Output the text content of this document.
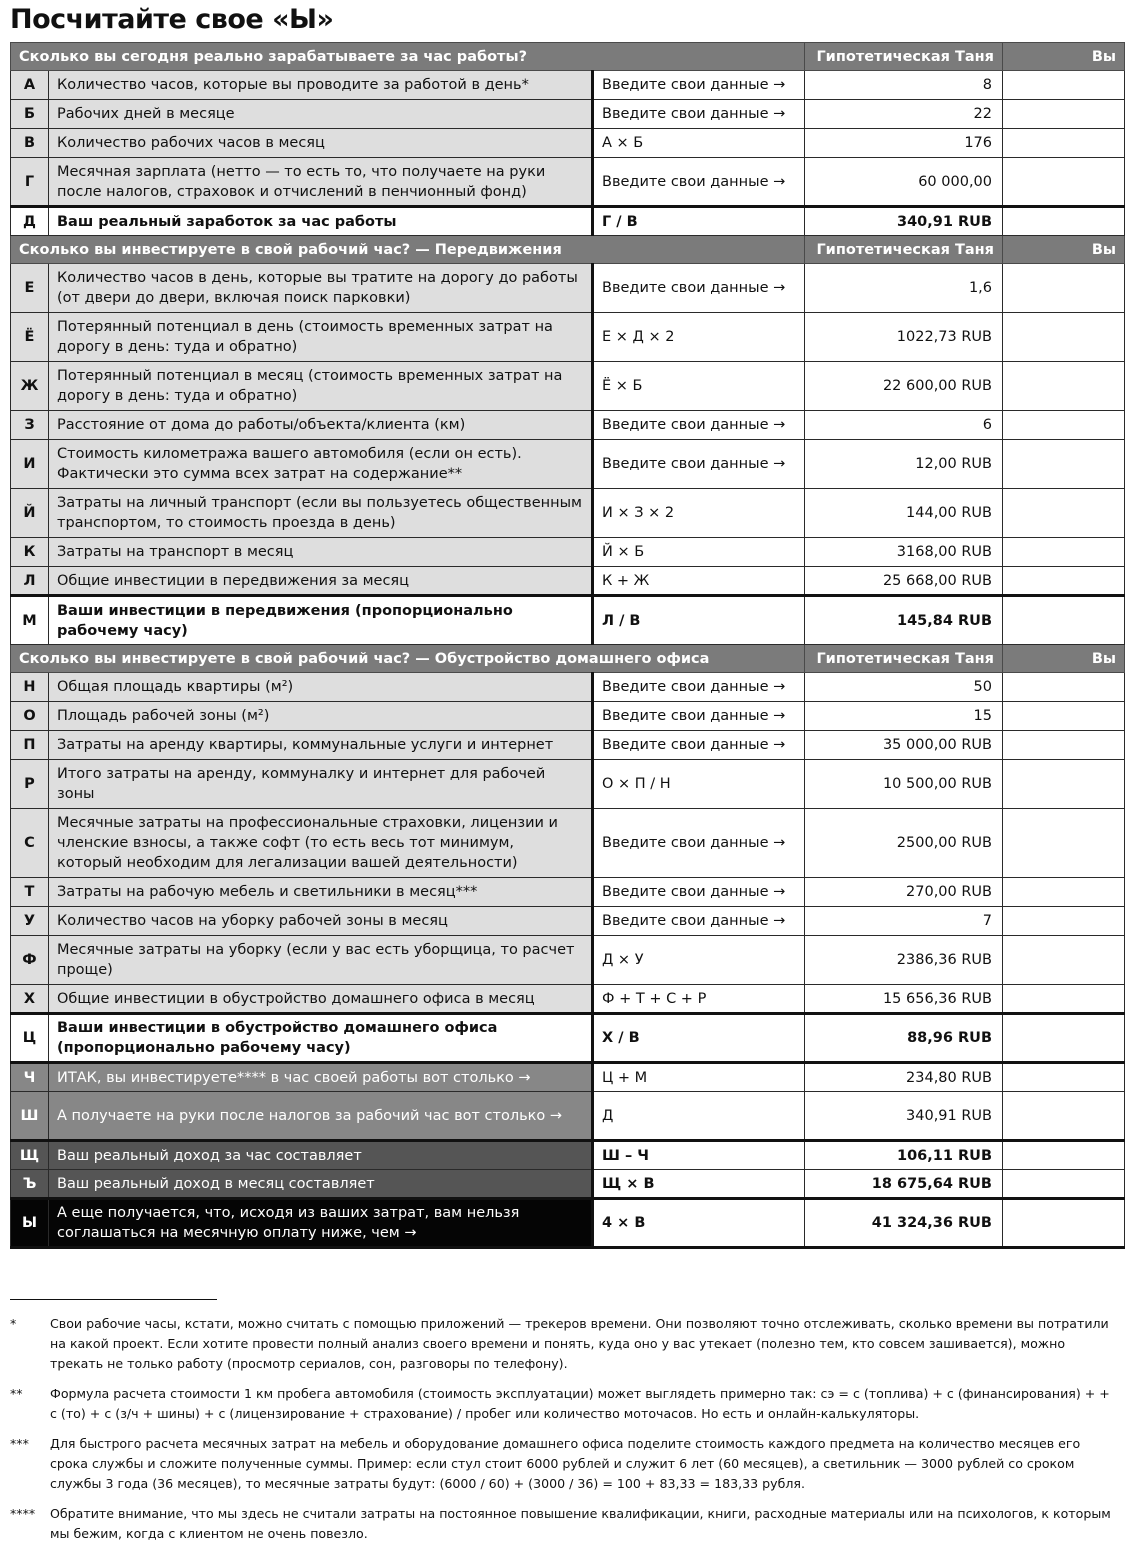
Посчитайте свое «Ы»
Сколько вы сегодня реально зарабатываете за час работы?			Гипотетическая Таня	Вы
А	Количество часов, которые вы проводите за работой в день*	Введите свои данные →	8	
Б	Рабочих дней в месяце	Введите свои данные →	22	
В	Количество рабочих часов в месяц	А × Б	176	
Г	Месячная зарплата (нетто — то есть то, что получаете на руки после налогов, страховок и отчислений в пенчионный фонд)	Введите свои данные →	60 000,00	
Д	Ваш реальный заработок за час работы	Г / В	340,91 RUB	
Сколько вы инвестируете в свой рабочий час? — Передвижения			Гипотетическая Таня	Вы
Е	Количество часов в день, которые вы тратите на дорогу до работы (от двери до двери, включая поиск парковки)	Введите свои данные →	1,6	
Ё	Потерянный потенциал в день (стоимость временных затрат на дорогу в день: туда и обратно)	Е × Д × 2	1022,73 RUB	
Ж	Потерянный потенциал в месяц (стоимость временных затрат на дорогу в день: туда и обратно)	Ё × Б	22 600,00 RUB	
З	Расстояние от дома до работы/объекта/клиента (км)	Введите свои данные →	6	
И	Стоимость километража вашего автомобиля (если он есть). Фактически это сумма всех затрат на содержание**	Введите свои данные →	12,00 RUB	
Й	Затраты на личный транспорт (если вы пользуетесь общественным транспортом, то стоимость проезда в день)	И × З × 2	144,00 RUB	
К	Затраты на транспорт в месяц	Й × Б	3168,00 RUB	
Л	Общие инвестиции в передвижения за месяц	К + Ж	25 668,00 RUB	
М	Ваши инвестиции в передвижения (пропорционально рабочему часу)	Л / В	145,84 RUB	
Сколько вы инвестируете в свой рабочий час? — Обустройство домашнего офиса			Гипотетическая Таня	Вы
Н	Общая площадь квартиры (м²)	Введите свои данные →	50	
О	Площадь рабочей зоны (м²)	Введите свои данные →	15	
П	Затраты на аренду квартиры, коммунальные услуги и интернет	Введите свои данные →	35 000,00 RUB	
Р	Итого затраты на аренду, коммуналку и интернет для рабочей зоны	О × П / Н	10 500,00 RUB	
С	Месячные затраты на профессиональные страховки, лицензии и членские взносы, а также софт (то есть весь тот минимум, который необходим для легализации вашей деятельности)	Введите свои данные →	2500,00 RUB	
Т	Затраты на рабочую мебель и светильники в месяц***	Введите свои данные →	270,00 RUB	
У	Количество часов на уборку рабочей зоны в месяц	Введите свои данные →	7	
Ф	Месячные затраты на уборку (если у вас есть уборщица, то расчет проще)	Д × У	2386,36 RUB	
Х	Общие инвестиции в обустройство домашнего офиса в месяц	Ф + Т + С + Р	15 656,36 RUB	
Ц	Ваши инвестиции в обустройство домашнего офиса (пропорционально рабочему часу)	Х / В	88,96 RUB	
Ч	ИТАК, вы инвестируете**** в час своей работы вот столько →	Ц + М	234,80 RUB	
Ш	А получаете на руки после налогов за рабочий час вот столько →	Д	340,91 RUB	
Щ	Ваш реальный доход за час составляет	Ш – Ч	106,11 RUB	
Ъ	Ваш реальный доход в месяц составляет	Щ × В	18 675,64 RUB	
Ы	А еще получается, что, исходя из ваших затрат, вам нельзя соглашаться на месячную оплату ниже, чем →	4 × В	41 324,36 RUB	
*	Свои рабочие часы, кстати, можно считать с помощью приложений — трекеров времени. Они позволяют точно отслеживать, сколько времени вы потратили на какой проект. Если хотите провести полный анализ своего времени и понять, куда оно у вас утекает (полезно тем, кто совсем зашивается), можно трекать не только работу (просмотр сериалов, сон, разговоры по телефону).
**	Формула расчета стоимости 1 км пробега автомобиля (стоимость эксплуатации) может выглядеть примерно так: сэ = с (топлива) + с (финансирования) + + с (то) + с (з/ч + шины) + с (лицензирование + страхование) / пробег или количество моточасов. Но есть и онлайн-калькуляторы.
***	Для быстрого расчета месячных затрат на мебель и оборудование домашнего офиса поделите стоимость каждого предмета на количество месяцев его срока службы и сложите полученные суммы. Пример: если стул стоит 6000 рублей и служит 6 лет (60 месяцев), а светильник — 3000 рублей со сроком службы 3 года (36 месяцев), то месячные затраты будут: (6000 / 60) + (3000 / 36) = 100 + 83,33 = 183,33 рубля.
****	Обратите внимание, что мы здесь не считали затраты на постоянное повышение квалификации, книги, расходные материалы или на психологов, к которым мы бежим, когда с клиентом не очень повезло.
